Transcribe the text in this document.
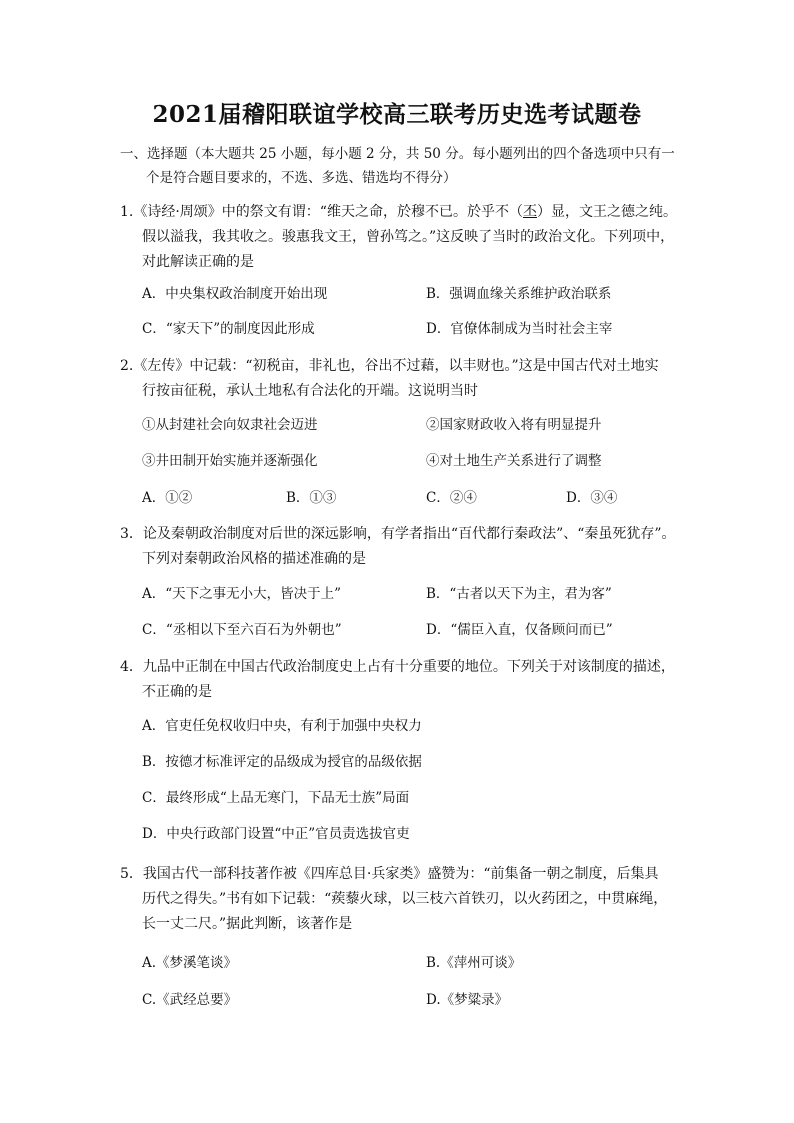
2021届稽阳联谊学校高三联考历史选考试题卷
一、选择题（本大题共 25 小题，每小题 2 分，共 50 分。每小题列出的四个备选项中只有一
个是符合题目要求的，不选、多选、错选均不得分）
1.《诗经·周颂》中的祭文有谓：“维天之命，於穆不已。於乎不（丕）显，文王之德之纯。
假以溢我，我其收之。骏惠我文王，曾孙笃之。”这反映了当时的政治文化。下列项中，
对此解读正确的是
A．中央集权政治制度开始出现	B．强调血缘关系维护政治联系
C．“家天下”的制度因此形成	D．官僚体制成为当时社会主宰
2.《左传》中记载：“初税亩，非礼也，谷出不过藉，以丰财也。”这是中国古代对土地实
行按亩征税，承认土地私有合法化的开端。这说明当时
①从封建社会向奴隶社会迈进	②国家财政收入将有明显提升
③井田制开始实施并逐渐强化	④对土地生产关系进行了调整
A．①②	B．①③	C．②④	D．③④
3．论及秦朝政治制度对后世的深远影响，有学者指出“百代都行秦政法”、“秦虽死犹存”。
下列对秦朝政治风格的描述准确的是
A．“天下之事无小大，皆决于上”	B．“古者以天下为主，君为客”
C．“丞相以下至六百石为外朝也”	D．“儒臣入直，仅备顾问而已”
4．九品中正制在中国古代政治制度史上占有十分重要的地位。下列关于对该制度的描述，
不正确的是
A．官吏任免权收归中央，有利于加强中央权力
B．按德才标准评定的品级成为授官的品级依据
C．最终形成“上品无寒门，下品无士族”局面
D．中央行政部门设置“中正”官员责选拔官吏
5．我国古代一部科技著作被《四库总目·兵家类》盛赞为：“前集备一朝之制度，后集具
历代之得失。”书有如下记载：“蒺藜火球，以三枝六首铁刃，以火药团之，中贯麻绳，
长一丈二尺。”据此判断，该著作是
A.《梦溪笔谈》	B.《萍州可谈》
C.《武经总要》	D.《梦粱录》
